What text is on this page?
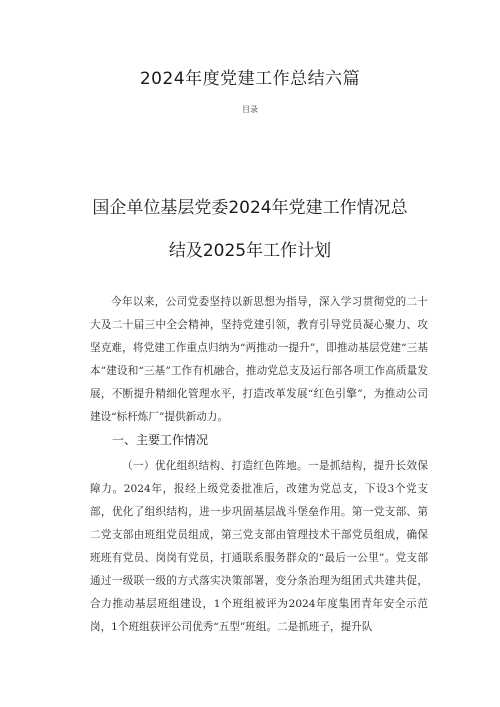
2024年度党建工作总结六篇
目录
国企单位基层党委2024年党建工作情况总
结及2025年工作计划

今年以来，公司党委坚持以新思想为指导，深入学习贯彻党的二十大及二十届三中全会精神，坚持党建引领，教育引导党员凝心聚力、攻坚克难，将党建工作重点归纳为“两推动一提升”，即推动基层党建“三基本”建设和“三基”工作有机融合，推动党总支及运行部各项工作高质量发展，不断提升精细化管理水平，打造改革发展“红色引擎”，为推动公司建设“标杆炼厂”提供新动力。

一、主要工作情况

（一）优化组织结构、打造红色阵地。一是抓结构，提升长效保障力。2024年，报经上级党委批准后，改建为党总支，下设3个党支部，优化了组织结构，进一步巩固基层战斗堡垒作用。第一党支部、第二党支部由班组党员组成，第三党支部由管理技术干部党员组成，确保班班有党员、岗岗有党员，打通联系服务群众的“最后一公里”。党支部通过一级联一级的方式落实决策部署，变分条治理为组团式共建共促，合力推动基层班组建设，1个班组被评为2024年度集团青年安全示范岗，1个班组获评公司优秀“五型”班组。二是抓班子，提升队
